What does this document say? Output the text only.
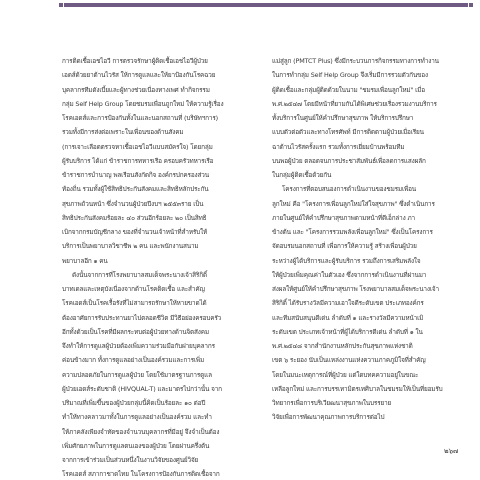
การติดเชื้อเอชไอวี การตรวจรักษาผู้ติดเชื้อเอชไอวีผู้ป่วย
เอดส์ด้วยยาต้านไวรัส ให้การดูแลและให้ยาป้องกันโรคฉวย
บุคลากรทีมดังเบี้ยและผู้ทางช่วยเนื่องทางเพศ ทำกิจกรรม
กลุ่ม Self Help Group โดยชมรมเพื่อนถูกใหม่ ให้ความรู้เรื่อง
โรคเอดส์และการป้องกันทั้งในและนอกสถานที่ (บริษัทฯการ)
รวมทั้งมีการส่งต่อเพราะในเพื่อนของด้านสังคม
(การเจาะเลือดตรวจหาเชื้อเอชไอวีแบบสมัครใจ) โดยกลุ่ม
ผู้รับบริการ ได้แก่ ข้าราชการทหารเรือ ครอบครัวทหารเรือ
ข้าราชการบำนาญ พลเรือนสังกัดกิจ องค์กรปกครองส่วน
ท้องถิ่น รวมทั้งผู้ใช้สิทธิประกันสังคมและสิทธิหลักประกัน
สุขภาพถ้วนหน้า ซึ่งจำนวนผู้ป่วยปีงบฯ ๒๕๕๓ราย เป็น
สิทธิประกันสังคมร้อยละ ๔๐ ส่วนอีกร้อยละ ๒๐ เป็นสิทธิ
เบิกจากกรมบัญชีกลาง ของที่จำนวนเจ้าหน้าที่สำหรับให้
บริการเป็นพยาบาลวิชาชีพ ๒ คน และพนักงานสนาม
พยาบาลอีก ๑ คน
ดังนั้นจากการที่โรงพยาบาลสมเด็จพระนางเจ้าสิริกิติ์
บาทเดลและเหตุบังเนื่องจากด้านโรคติดเชื้อ และสำคัญ
โรคเอดส์เป็นโรคเรื้อรังที่ไม่สามารถรักษาให้หายขาดได้
ต้องอาศัยการรับประทานยาไปตลอดชีวิต มีวิธีอย่องครอบครัว
อีกทั้งด้วยเป็นโรคที่มีผลกระทบต่อผู้ป่วยทางด้านจิตสังคม
จึงทำให้การดูแลผู้ป่วยต้องเพิ่มความร่วมมือกับฝายบุคลากร
ค่อนข้างมาก ทั้งการดูแลอย่างเป็นองค์รวมและการเพิ่ม
ความปลอดภัยในการดูแลผู้ป่วย โดยใช้มาตรฐานการดูแล
ผู้ป่วยเอดส์ระดับชาติ (HIVQUAL-T) และมาตรไปกว่านั้น จาก
ปริมาณที่เพิ่มขึ้นของผู้ป่วยกลุ่มนี้คิดเป็นร้อยละ ๑๐ ต่อปี
ทำให้ทางคลาวมาทั้งในการดูแลอย่างเป็นองค์รวม และทำ
ให้ภาคลังเพียงจำทัดของจำนวนบุคลากรที่มีอยู่ จึงจำเป็นต้อง
เพิ่มศักยภาพในการดูแลตนเองของผู้ป่วย โดยผ่านครึ่งต้น
จากการเข้าร่วมเป็นส่วนหนึ่งในงานวิจัยของศูนย์วิจัย
โรคเอดส์ สภากาชาดไทย ในโครงการป้องกันการติดเชื้อจาก
แม่สู่ลูก (PMTCT Plus) ซึ่งมีกระบวนการกิจกรรมทางการทำงาน
ในการทำกลุ่ม Self Help Group จึงเริ่มมีการรวมตัวกันของ
ผู้ติดเชื้อและกลุ่มผู้ติดด้วยในนาม "ชมรมเพื่อนลูกใหม่" เมื่อ
พ.ศ.๒๕๔๗ โดยมีหน้าที่ยามกันได้พิเศษช่วยเรื่องรวมงานบริการ
ทั้งบริการในศูนย์ให้คำปรึกษาสุขภาพ ให้บริการปรึกษา
แบบตัวต่อตัวและทางโทรศัพท์ มีการติดตามผู้ป่วยเมื่อเรียน
ฉาต้านไวรัสครั้งแรก รวมทั้งการเยี่ยมบ้านพร้อมทีม
บนพอผู้ป่วย ตลอดจนการประชาสัมพันธ์เพื่อลดการแสงผลัก
ในกลุ่มผู้ติดเชื้อด้วยกัน
โครงการที่ตอบสนองการดำเนินงานของชมรมเพื่อน
ลูกใหม่ คือ "โครงการเพื่อนลูกใหม่ใส่ใจสุขภาพ" ซึ่งดำเนินการ
ภายในศูนย์ให้คำปรึกษาสุขภาพตามหน้าที่ดีเอ็กล่าง ภา
ข้างต้น และ "โครงการรวมพลังเพื่อนลูกใหม่" ซึ่งเป็นโครงการ
จัดอบรมนอกสถานที่ เพื่อการให้ความรู้ สร้างเพื่อนผู้ป่วย
ระหว่างผู้ได้บริการและผู้รับบริการ รวมถึงการเสริมพลังใจ
ให้ผู้ป่วยเพิ่มคุณค่าในตัวเอง ซึ่งจากการดำเนินงานที่ผ่านมา
ส่งผลให้ศูนย์ให้คำปรึกษาสุขภาพ โรงพยาบาลสมเด็จพระนางเจ้า
สิริกิติ์ ได้รับรางวัลมีความเอาใจดีระดับเขต ประเภทองค์กร
และทีมสนับสนุนดีเด่น ลำดับที่ ๑ และรางวัลมีความหน้าเมิ
ระดับเขต ประเภทเจ้าหน้าที่ผู้ได้บริการดีเด่น ลำดับที่ ๑ ใน
พ.ศ.๒๕๔๘ จากสำนักงานหลักประกันสุขภาพแห่งชาติ
เขต ๖ ระยอง นับเป็นแหล่งงานแห่งความภาคภูมิใจที่สำคัญ
โดยในมนะเหตุการณ์ที่ผู้ป่วย แต่ใดบทคความอยู่ในขณะ
เหลือลูกใหม่ และการบรรเทามิตรเทศิบาลในชมรมให้เป็นที่ยอมรับ
วิทยากรเพื่อการบริเวียฒนาสุขภาพในบรรยาย
วิจัยเพื่อการพัฒนาคุณภาพการบริการต่อไป
๒๖๗
